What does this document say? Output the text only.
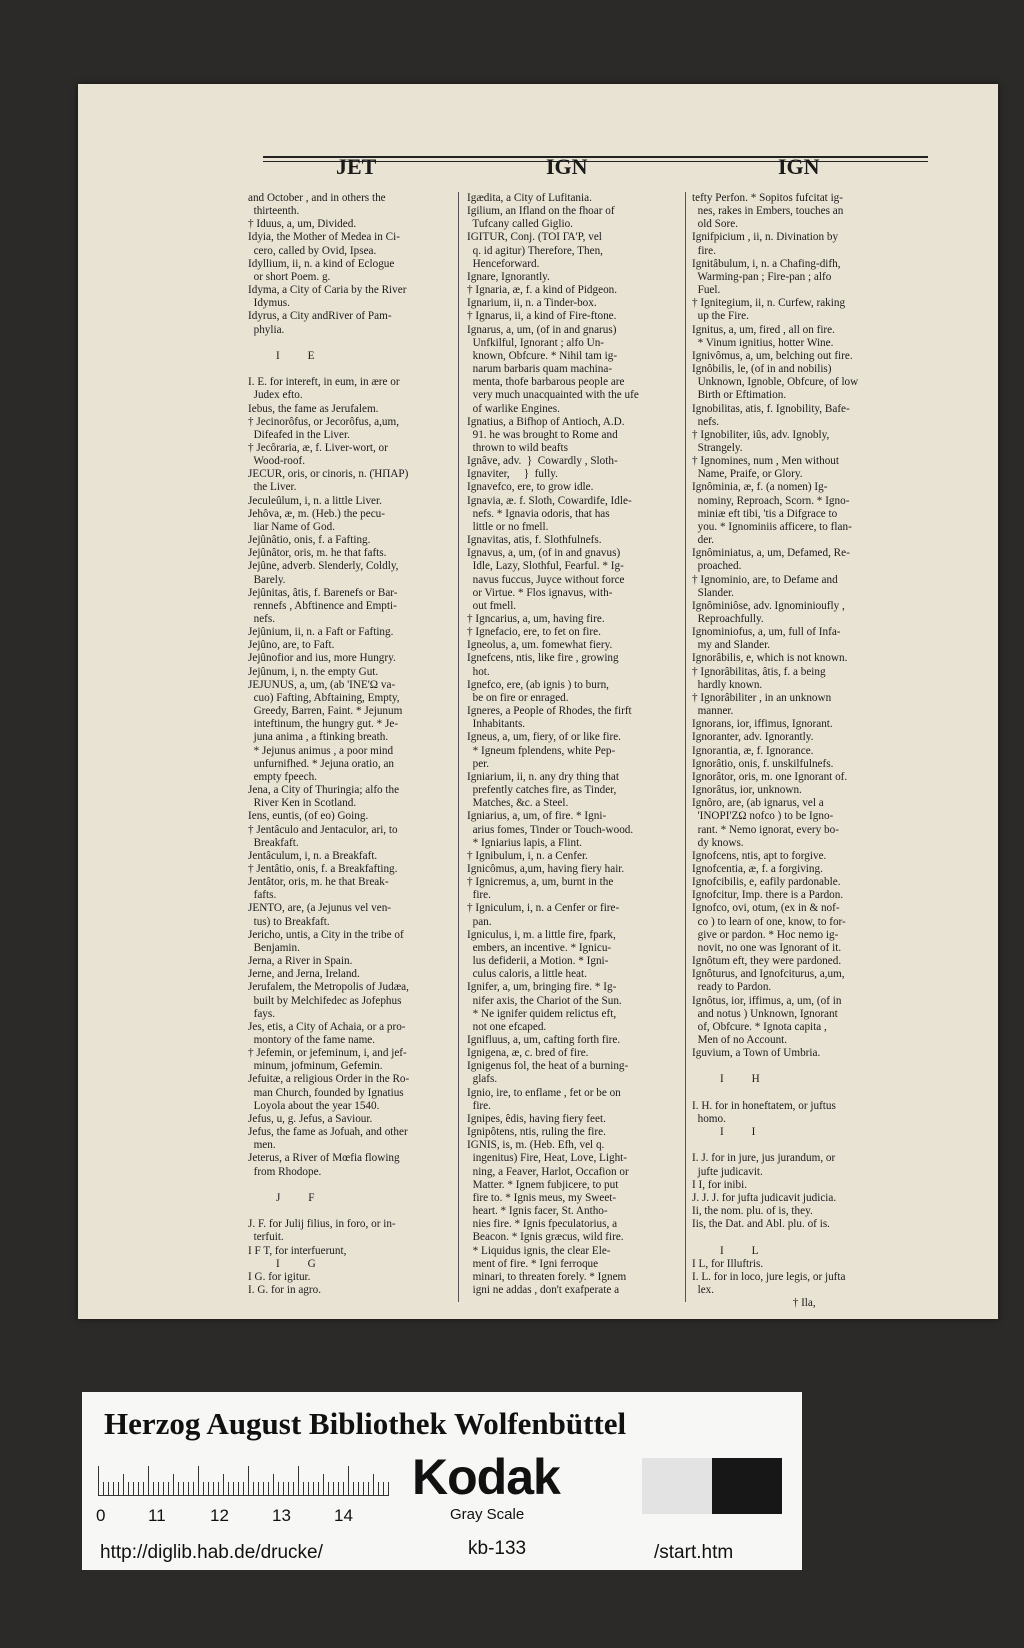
JET	IGN	IGN
and October , and in others the
thirteenth.
† Iduus, a, um, Divided.
Idyia, the Mother of Medea in Ci-
cero, called by Ovid, Ipsea.
Idyllium, ii, n. a kind of Eclogue
or short Poem. g.
Idyma, a City of Caria by the River
Idymus.
Idyrus, a City andRiver of Pam-
phylia.

I          E

I. E. for intereft, in eum, in ære or
Judex efto.
Iebus, the fame as Jerufalem.
† Jecinorôfus, or Jecorôfus, a,um,
Difeafed in the Liver.
† Jecôraria, æ, f. Liver-wort, or
Wood-roof.
JECUR, oris, or cinoris, n. (ΉΠΑΡ)
the Liver.
Jeculeûlum, i, n. a little Liver.
Jehôva, æ, m. (Heb.) the pecu-
liar Name of God.
Jejûnâtio, onis, f. a Fafting.
Jejûnâtor, oris, m. he that fafts.
Jejûne, adverb. Slenderly, Coldly,
Barely.
Jejûnitas, âtis, f. Barenefs or Bar-
rennefs , Abftinence and Empti-
nefs.
Jejûnium, ii, n. a Faft or Fafting.
Jejûno, are, to Faft.
Jejûnofior and ius, more Hungry.
Jejûnum, i, n. the empty Gut.
JEJUNUS, a, um, (ab 'INE'Ω va-
cuo) Fafting, Abftaining, Empty,
Greedy, Barren, Faint. * Jejunum
inteftinum, the hungry gut. * Je-
juna anima , a ftinking breath.
* Jejunus animus , a poor mind
unfurnifhed. * Jejuna oratio, an
empty fpeech.
Jena, a City of Thuringia; alfo the
River Ken in Scotland.
Iens, euntis, (of eo) Going.
† Jentâculo and Jentaculor, ari, to
Breakfaft.
Jentâculum, i, n. a Breakfaft.
† Jentâtio, onis, f. a Breakfafting.
Jentâtor, oris, m. he that Break-
fafts.
JENTO, are, (a Jejunus vel ven-
tus) to Breakfaft.
Jericho, untis, a City in the tribe of
Benjamin.
Jerna, a River in Spain.
Jerne, and Jerna, Ireland.
Jerufalem, the Metropolis of Judæa,
built by Melchifedec as Jofephus
fays.
Jes, etis, a City of Achaia, or a pro-
montory of the fame name.
† Jefemin, or jefeminum, i, and jef-
minum, jofminum, Gefemin.
Jefuitæ, a religious Order in the Ro-
man Church, founded by Ignatius
Loyola about the year 1540.
Jefus, u, g. Jefus, a Saviour.
Jefus, the fame as Jofuah, and other
men.
Jeterus, a River of Mœfia flowing
from Rhodope.

J          F

J. F. for Julij filius, in foro, or in-
terfuit.
I F T, for interfuerunt,
I          G
I G. for igitur.
I. G. for in agro.
Igædita, a City of Lufitania.
Igilium, an Ifland on the fhoar of
Tufcany called Giglio.
IGITUR, Conj. (ΤΟΙ ΓΑ'Ρ, vel
q. id agitur) Therefore, Then,
Henceforward.
Ignare, Ignorantly.
† Ignaria, æ, f. a kind of Pidgeon.
Ignarium, ii, n. a Tinder-box.
† Ignarus, ii, a kind of Fire-ftone.
Ignarus, a, um, (of in and gnarus)
Unfkilful, Ignorant ; alfo Un-
known, Obfcure. * Nihil tam ig-
narum barbaris quam machina-
menta, thofe barbarous people are
very much unacquainted with the ufe
of warlike Engines.
Ignatius, a Bifhop of Antioch, A.D.
91. he was brought to Rome and
thrown to wild beafts
Ignâve, adv.  }  Cowardly , Sloth-
Ignaviter,     }  fully.
Ignavefco, ere, to grow idle.
Ignavia, æ. f. Sloth, Cowardife, Idle-
nefs. * Ignavia odoris, that has
little or no fmell.
Ignavitas, atis, f. Slothfulnefs.
Ignavus, a, um, (of in and gnavus)
Idle, Lazy, Slothful, Fearful. * Ig-
navus fuccus, Juyce without force
or Virtue. * Flos ignavus, with-
out fmell.
† Igncarius, a, um, having fire.
† Ignefacio, ere, to fet on fire.
Igneolus, a, um. fomewhat fiery.
Ignefcens, ntis, like fire , growing
hot.
Ignefco, ere, (ab ignis ) to burn,
be on fire or enraged.
Igneres, a People of Rhodes, the firft
Inhabitants.
Igneus, a, um, fiery, of or like fire.
* Igneum fplendens, white Pep-
per.
Igniarium, ii, n. any dry thing that
prefently catches fire, as Tinder,
Matches, &c. a Steel.
Igniarius, a, um, of fire. * Igni-
arius fomes, Tinder or Touch-wood.
* Igniarius lapis, a Flint.
† Ignibulum, i, n. a Cenfer.
Ignicômus, a,um, having fiery hair.
† Ignicremus, a, um, burnt in the
fire.
† Igniculum, i, n. a Cenfer or fire-
pan.
Igniculus, i, m. a little fire, fpark,
embers, an incentive. * Ignicu-
lus defiderii, a Motion. * Igni-
culus caloris, a little heat.
Ignifer, a, um, bringing fire. * Ig-
nifer axis, the Chariot of the Sun.
* Ne ignifer quidem relictus eft,
not one efcaped.
Ignifluus, a, um, cafting forth fire.
Ignigena, æ, c. bred of fire.
Ignigenus fol, the heat of a burning-
glafs.
Ignio, ire, to enflame , fet or be on
fire.
Ignipes, êdis, having fiery feet.
Ignipôtens, ntis, ruling the fire.
IGNIS, is, m. (Heb. Efh, vel q.
ingenitus) Fire, Heat, Love, Light-
ning, a Feaver, Harlot, Occafion or
Matter. * Ignem fubjicere, to put
fire to. * Ignis meus, my Sweet-
heart. * Ignis facer, St. Antho-
nies fire. * Ignis fpeculatorius, a
Beacon. * Ignis græcus, wild fire.
* Liquidus ignis, the clear Ele-
ment of fire. * Igni ferroque
minari, to threaten forely. * Ignem
igni ne addas , don't exafperate a
tefty Perfon. * Sopitos fufcitat ig-
nes, rakes in Embers, touches an
old Sore.
Ignifpicium , ii, n. Divination by
fire.
Ignitâbulum, i, n. a Chafing-difh,
Warming-pan ; Fire-pan ; alfo
Fuel.
† Ignitegium, ii, n. Curfew, raking
up the Fire.
Ignitus, a, um, fired , all on fire.
* Vinum ignitius, hotter Wine.
Ignivômus, a, um, belching out fire.
Ignôbilis, le, (of in and nobilis)
Unknown, Ignoble, Obfcure, of low
Birth or Eftimation.
Ignobilitas, atis, f. Ignobility, Bafe-
nefs.
† Ignobiliter, iûs, adv. Ignobly,
Strangely.
† Ignomines, num , Men without
Name, Praife, or Glory.
Ignôminia, æ, f. (a nomen) Ig-
nominy, Reproach, Scorn. * Igno-
miniæ eft tibi, 'tis a Difgrace to
you. * Ignominiis afficere, to flan-
der.
Ignôminiatus, a, um, Defamed, Re-
proached.
† Ignominio, are, to Defame and
Slander.
Ignôminiôse, adv. Ignominioufly ,
Reproachfully.
Ignominiofus, a, um, full of Infa-
my and Slander.
Ignorâbilis, e, which is not known.
† Ignorâbilitas, âtis, f. a being
hardly known.
† Ignorâbiliter , in an unknown
manner.
Ignorans, ior, iffimus, Ignorant.
Ignoranter, adv. Ignorantly.
Ignorantia, æ, f. Ignorance.
Ignorâtio, onis, f. unskilfulnefs.
Ignorâtor, oris, m. one Ignorant of.
Ignorâtus, ior, unknown.
Ignôro, are, (ab ignarus, vel a
'INOPI'ZΩ nofco ) to be Igno-
rant. * Nemo ignorat, every bo-
dy knows.
Ignofcens, ntis, apt to forgive.
Ignofcentia, æ, f. a forgiving.
Ignofcibilis, e, eafily pardonable.
Ignofcitur, Imp. there is a Pardon.
Ignofco, ovi, otum, (ex in & nof-
co ) to learn of one, know, to for-
give or pardon. * Hoc nemo ig-
novit, no one was Ignorant of it.
Ignôtum eft, they were pardoned.
Ignôturus, and Ignofciturus, a,um,
ready to Pardon.
Ignôtus, ior, iffimus, a, um, (of in
and notus ) Unknown, Ignorant
of, Obfcure. * Ignota capita ,
Men of no Account.
Iguvium, a Town of Umbria.

I          H

I. H. for in honeftatem, or juftus
homo.
I          I

I. J. for in jure, jus jurandum, or
jufte judicavit.
I I, for inibi.
J. J. J. for jufta judicavit judicia.
Ii, the nom. plu. of is, they.
Iis, the Dat. and Abl. plu. of is.

I          L
I L, for Illuftris.
I. L. for in loco, jure legis, or jufta
lex.
† Ila,
Herzog August Bibliothek Wolfenbüttel
0	11	12	13	14
Kodak
Gray Scale
http://diglib.hab.de/drucke/	kb-133	/start.htm
